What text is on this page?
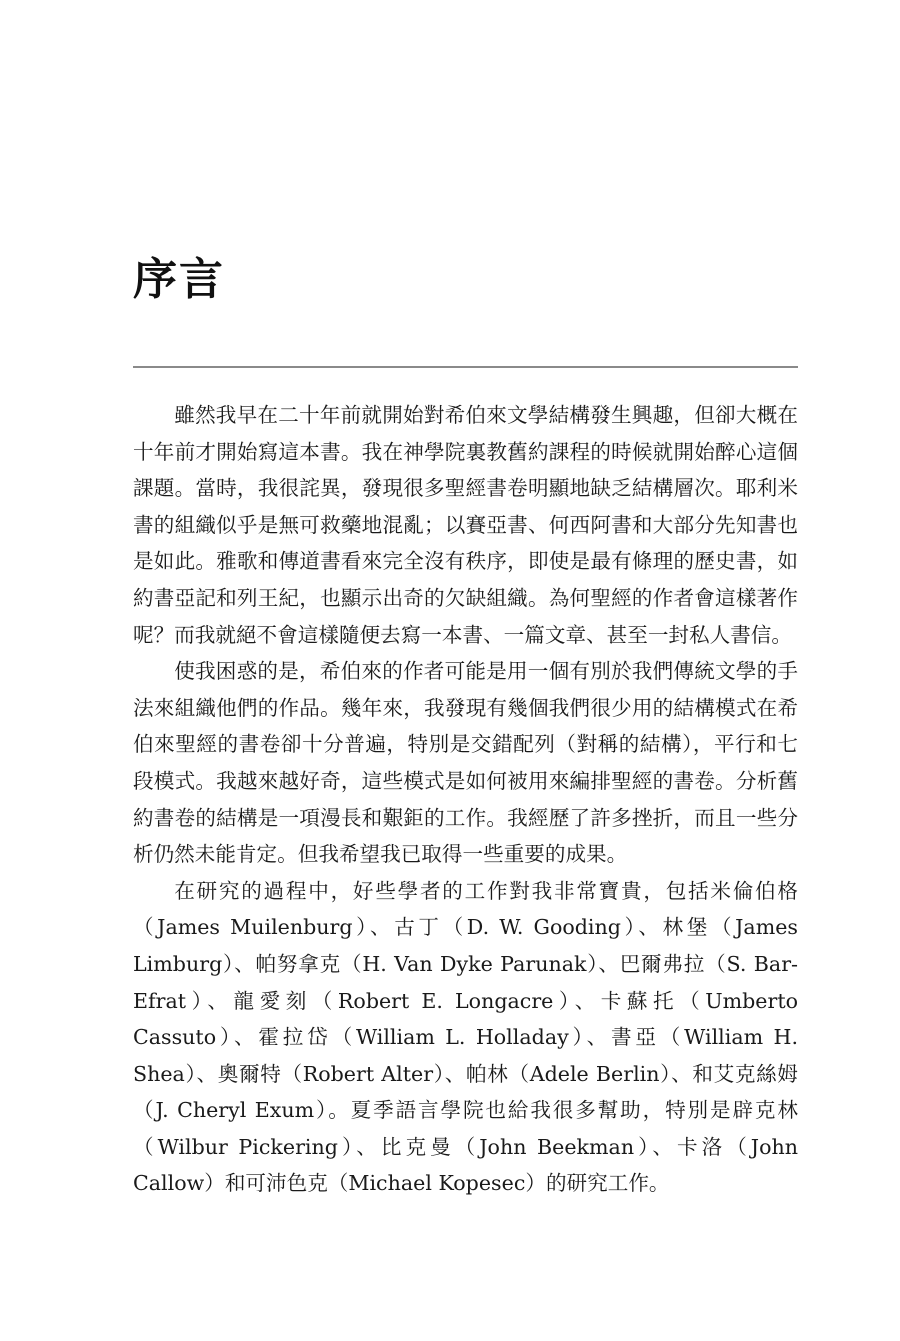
序言

雖然我早在二十年前就開始對希伯來文學結構發生興趣，但卻大概在十年前才開始寫這本書。我在神學院裏教舊約課程的時候就開始醉心這個課題。當時，我很詫異，發現很多聖經書卷明顯地缺乏結構層次。耶利米書的組織似乎是無可救藥地混亂；以賽亞書、何西阿書和大部分先知書也是如此。雅歌和傳道書看來完全沒有秩序，即使是最有條理的歷史書，如約書亞記和列王紀，也顯示出奇的欠缺組織。為何聖經的作者會這樣著作呢？而我就絕不會這樣隨便去寫一本書、一篇文章、甚至一封私人書信。

使我困惑的是，希伯來的作者可能是用一個有別於我們傳統文學的手法來組織他們的作品。幾年來，我發現有幾個我們很少用的結構模式在希伯來聖經的書卷卻十分普遍，特別是交錯配列（對稱的結構），平行和七段模式。我越來越好奇，這些模式是如何被用來編排聖經的書卷。分析舊約書卷的結構是一項漫長和艱鉅的工作。我經歷了許多挫折，而且一些分析仍然未能肯定。但我希望我已取得一些重要的成果。

在研究的過程中，好些學者的工作對我非常寶貴，包括米倫伯格（James Muilenburg）、古丁（D. W. Gooding）、林堡（James Limburg）、帕努拿克（H. Van Dyke Parunak）、巴爾弗拉（S. Bar-Efrat）、龍愛刻（Robert E. Longacre）、卡蘇托（Umberto Cassuto）、霍拉岱（William L. Holladay）、書亞（William H. Shea）、奧爾特（Robert Alter）、帕林（Adele Berlin）、和艾克絲姆（J. Cheryl Exum）。夏季語言學院也給我很多幫助，特別是辟克林（Wilbur Pickering）、比克曼（John Beekman）、卡洛（John Callow）和可沛色克（Michael Kopesec）的研究工作。
